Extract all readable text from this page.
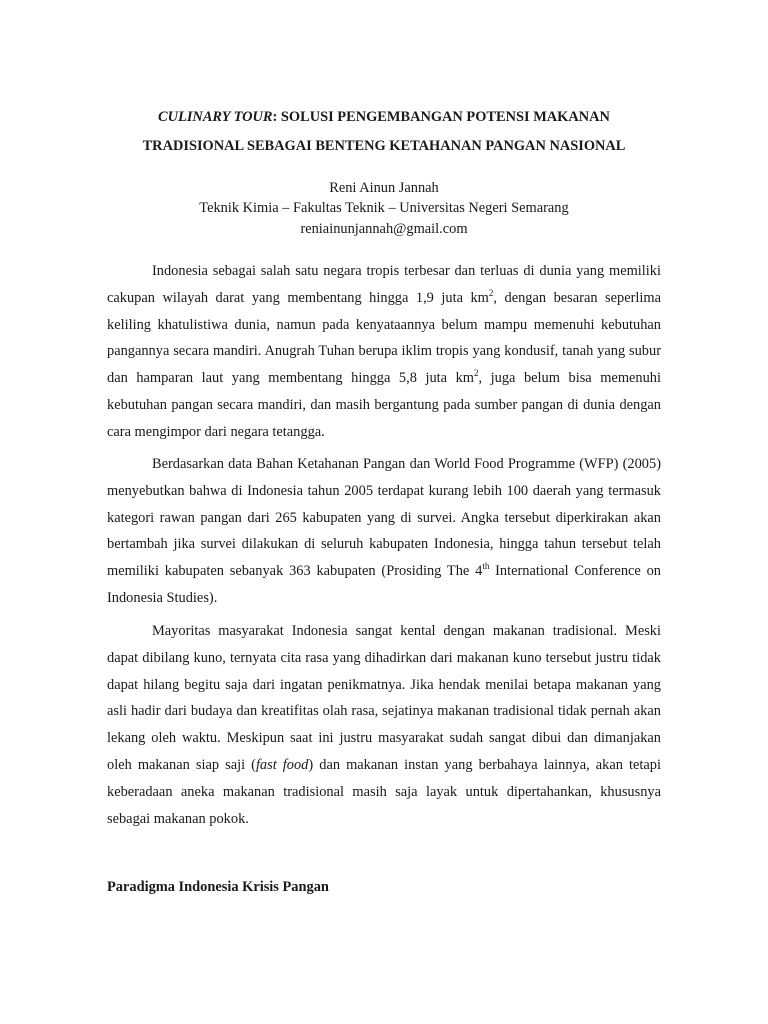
CULINARY TOUR: SOLUSI PENGEMBANGAN POTENSI MAKANAN

TRADISIONAL SEBAGAI BENTENG KETAHANAN PANGAN NASIONAL

Reni Ainun Jannah

Teknik Kimia – Fakultas Teknik – Universitas Negeri Semarang

reniainunjannah@gmail.com

Indonesia sebagai salah satu negara tropis terbesar dan terluas di dunia yang memiliki cakupan wilayah darat yang membentang hingga 1,9 juta $km^2$, dengan besaran seperlima keliling khatulistiwa dunia, namun pada kenyataannya belum mampu memenuhi kebutuhan pangannya secara mandiri. Anugrah Tuhan berupa iklim tropis yang kondusif, tanah yang subur dan hamparan laut yang membentang hingga 5,8 juta $km^2$, juga belum bisa memenuhi kebutuhan pangan secara mandiri, dan masih bergantung pada sumber pangan di dunia dengan cara mengimpor dari negara tetangga.

Berdasarkan data Bahan Ketahanan Pangan dan World Food Programme (WFP) (2005) menyebutkan bahwa di Indonesia tahun 2005 terdapat kurang lebih 100 daerah yang termasuk kategori rawan pangan dari 265 kabupaten yang di survei. Angka tersebut diperkirakan akan bertambah jika survei dilakukan di seluruh kabupaten Indonesia, hingga tahun tersebut telah memiliki kabupaten sebanyak 363 kabupaten (Prosiding The 4th International Conference on Indonesia Studies).

Mayoritas masyarakat Indonesia sangat kental dengan makanan tradisional. Meski dapat dibilang kuno, ternyata cita rasa yang dihadirkan dari makanan kuno tersebut justru tidak dapat hilang begitu saja dari ingatan penikmatnya. Jika hendak menilai betapa makanan yang asli hadir dari budaya dan kreatifitas olah rasa, sejatinya makanan tradisional tidak pernah akan lekang oleh waktu. Meskipun saat ini justru masyarakat sudah sangat dibui dan dimanjakan oleh makanan siap saji (fast food) dan makanan instan yang berbahaya lainnya, akan tetapi keberadaan aneka makanan tradisional masih saja layak untuk dipertahankan, khususnya sebagai makanan pokok.

Paradigma Indonesia Krisis Pangan
